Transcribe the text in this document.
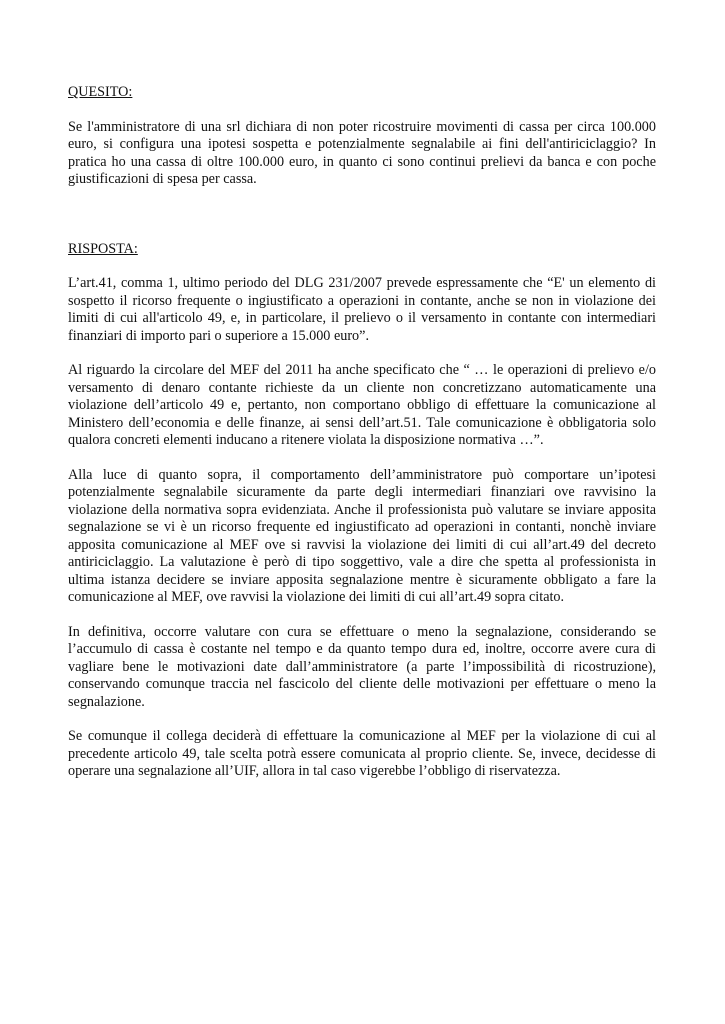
QUESITO:

Se l'amministratore di una srl dichiara di non poter ricostruire movimenti di cassa per circa 100.000 euro, si configura una ipotesi sospetta e potenzialmente segnalabile ai fini dell'antiriciclaggio? In pratica ho una cassa di oltre 100.000 euro, in quanto ci sono continui prelievi da banca e con poche giustificazioni di spesa per cassa.

RISPOSTA:

L’art.41, comma 1, ultimo periodo del DLG 231/2007 prevede espressamente che “E' un elemento di sospetto il ricorso frequente o ingiustificato a operazioni in contante, anche se non in violazione dei limiti di cui all'articolo 49, e, in particolare, il prelievo o il versamento in contante con intermediari finanziari di importo pari o superiore a 15.000 euro”.

Al riguardo la circolare del MEF del 2011 ha anche specificato che “ … le operazioni di prelievo e/o versamento di denaro contante richieste da un cliente non concretizzano automaticamente una violazione dell’articolo 49 e, pertanto, non comportano obbligo di effettuare la comunicazione al Ministero dell’economia e delle finanze, ai sensi dell’art.51. Tale comunicazione è obbligatoria solo qualora concreti elementi inducano a ritenere violata la disposizione normativa …”.

Alla luce di quanto sopra, il comportamento dell’amministratore può comportare un’ipotesi potenzialmente segnalabile sicuramente da parte degli intermediari finanziari ove ravvisino la violazione della normativa sopra evidenziata. Anche il professionista può valutare se inviare apposita segnalazione se vi è un ricorso frequente ed ingiustificato ad operazioni in contanti, nonchè inviare apposita comunicazione al MEF ove si ravvisi la violazione dei limiti di cui all’art.49 del decreto antiriciclaggio. La valutazione è però di tipo soggettivo, vale a dire che spetta al professionista in ultima istanza decidere se inviare apposita segnalazione mentre è sicuramente obbligato a fare la comunicazione al MEF, ove ravvisi la violazione dei limiti di cui all’art.49 sopra citato.

In definitiva, occorre valutare con cura se effettuare o meno la segnalazione, considerando se l’accumulo di cassa è costante nel tempo e da quanto tempo dura ed, inoltre, occorre avere cura di vagliare bene le motivazioni date dall’amministratore (a parte l’impossibilità di ricostruzione), conservando comunque traccia nel fascicolo del cliente delle motivazioni per effettuare o meno la segnalazione.

Se comunque il collega deciderà di effettuare la comunicazione al MEF per la violazione di cui al precedente articolo 49, tale scelta potrà essere comunicata al proprio cliente. Se, invece, decidesse di operare una segnalazione all’UIF, allora in tal caso vigerebbe l’obbligo di riservatezza.
